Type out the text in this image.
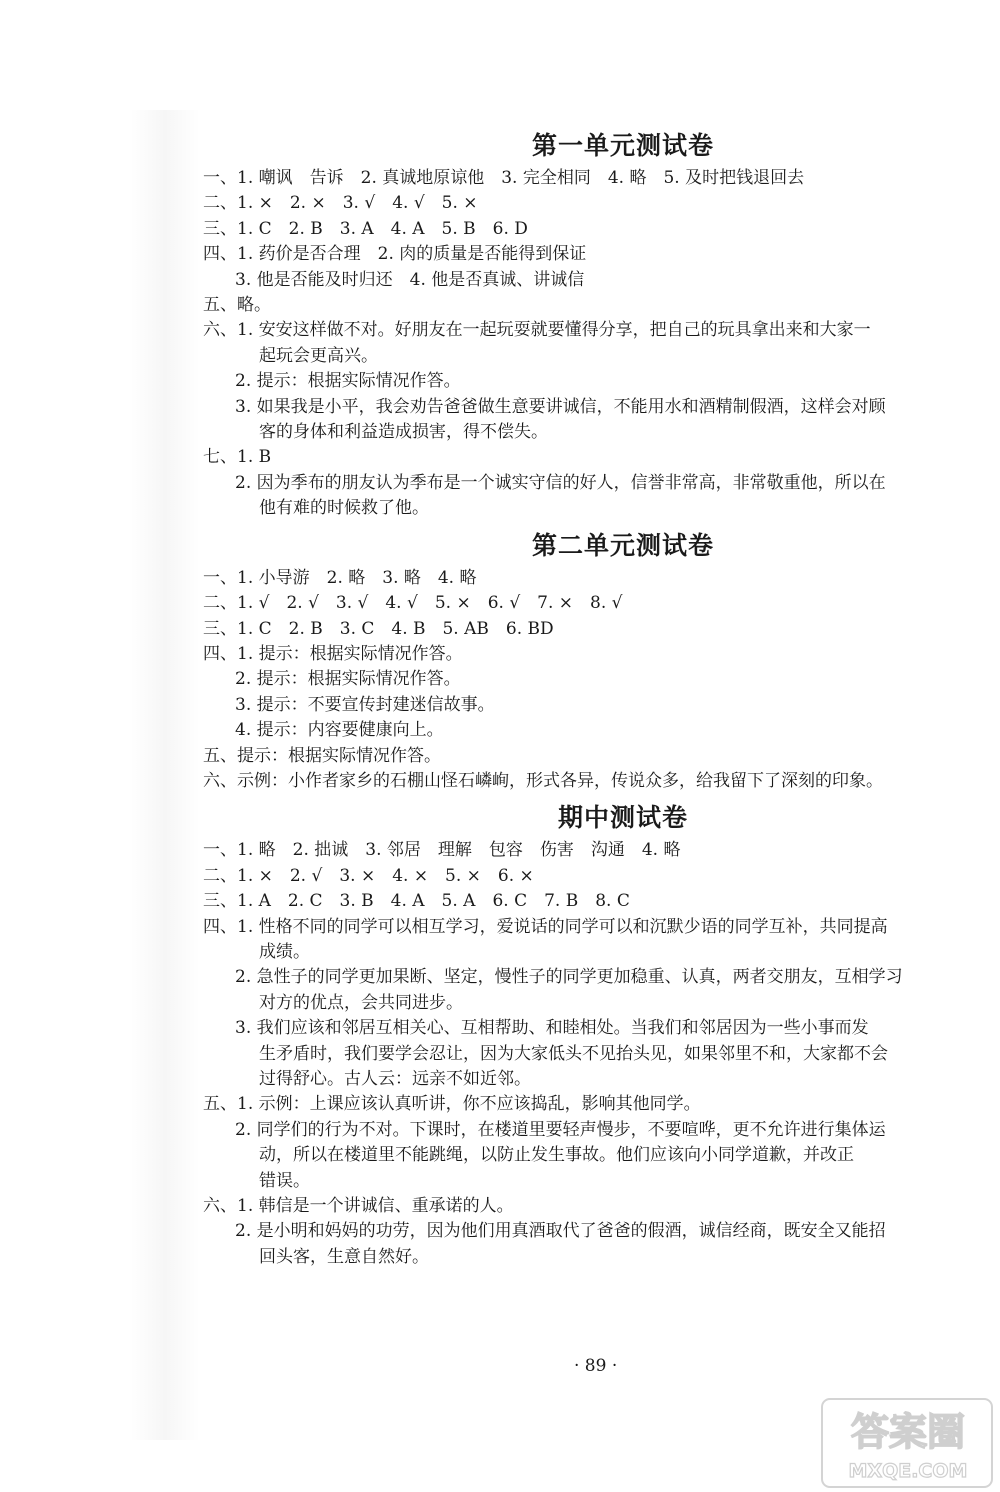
第一单元测试卷
一、1. 嘲讽　告诉　2. 真诚地原谅他　3. 完全相同　4. 略　5. 及时把钱退回去
二、1. ×　2. ×　3. √　4. √　5. ×
三、1. C　2. B　3. A　4. A　5. B　6. D
四、1. 药价是否合理　2. 肉的质量是否能得到保证
3. 他是否能及时归还　4. 他是否真诚、讲诚信
五、略。
六、1. 安安这样做不对。好朋友在一起玩耍就要懂得分享，把自己的玩具拿出来和大家一
起玩会更高兴。
2. 提示：根据实际情况作答。
3. 如果我是小平，我会劝告爸爸做生意要讲诚信，不能用水和酒精制假酒，这样会对顾
客的身体和利益造成损害，得不偿失。
七、1. B
2. 因为季布的朋友认为季布是一个诚实守信的好人，信誉非常高，非常敬重他，所以在
他有难的时候救了他。
第二单元测试卷
一、1. 小导游　2. 略　3. 略　4. 略
二、1. √　2. √　3. √　4. √　5. ×　6. √　7. ×　8. √
三、1. C　2. B　3. C　4. B　5. AB　6. BD
四、1. 提示：根据实际情况作答。
2. 提示：根据实际情况作答。
3. 提示：不要宣传封建迷信故事。
4. 提示：内容要健康向上。
五、提示：根据实际情况作答。
六、示例：小作者家乡的石棚山怪石嶙峋，形式各异，传说众多，给我留下了深刻的印象。
期中测试卷
一、1. 略　2. 拙诚　3. 邻居　理解　包容　伤害　沟通　4. 略
二、1. ×　2. √　3. ×　4. ×　5. ×　6. ×
三、1. A　2. C　3. B　4. A　5. A　6. C　7. B　8. C
四、1. 性格不同的同学可以相互学习，爱说话的同学可以和沉默少语的同学互补，共同提高
成绩。
2. 急性子的同学更加果断、坚定，慢性子的同学更加稳重、认真，两者交朋友，互相学习
对方的优点，会共同进步。
3. 我们应该和邻居互相关心、互相帮助、和睦相处。当我们和邻居因为一些小事而发
生矛盾时，我们要学会忍让，因为大家低头不见抬头见，如果邻里不和，大家都不会
过得舒心。古人云：远亲不如近邻。
五、1. 示例：上课应该认真听讲，你不应该捣乱，影响其他同学。
2. 同学们的行为不对。下课时，在楼道里要轻声慢步，不要喧哗，更不允许进行集体运
动，所以在楼道里不能跳绳，以防止发生事故。他们应该向小同学道歉，并改正
错误。
六、1. 韩信是一个讲诚信、重承诺的人。
2. 是小明和妈妈的功劳，因为他们用真酒取代了爸爸的假酒，诚信经商，既安全又能招
回头客，生意自然好。
· 89 ·
答案圈
MXQE.COM
